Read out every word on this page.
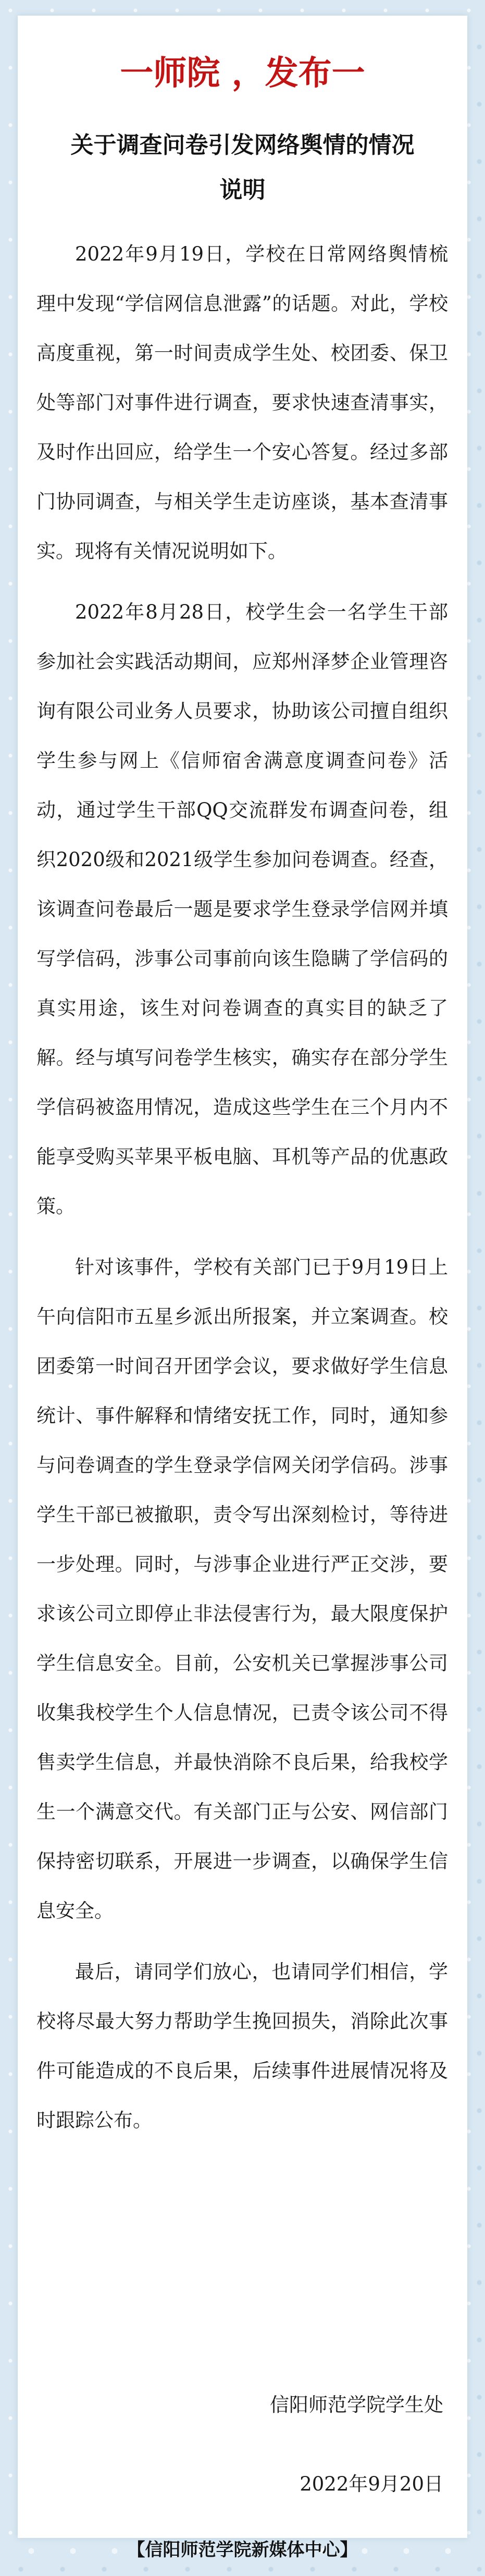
一师院 ，发布一
关于调查问卷引发网络舆情的情况
说明

2022年9月19日，学校在日常网络舆情梳理中发现“学信网信息泄露”的话题。对此，学校高度重视，第一时间责成学生处、校团委、保卫处等部门对事件进行调查，要求快速查清事实，及时作出回应，给学生一个安心答复。经过多部门协同调查，与相关学生走访座谈，基本查清事实。现将有关情况说明如下。

2022年8月28日，校学生会一名学生干部参加社会实践活动期间，应郑州泽梦企业管理咨询有限公司业务人员要求，协助该公司擅自组织学生参与网上《信师宿舍满意度调查问卷》活动，通过学生干部QQ交流群发布调查问卷，组织2020级和2021级学生参加问卷调查。经查，该调查问卷最后一题是要求学生登录学信网并填写学信码，涉事公司事前向该生隐瞒了学信码的真实用途，该生对问卷调查的真实目的缺乏了解。经与填写问卷学生核实，确实存在部分学生学信码被盗用情况，造成这些学生在三个月内不能享受购买苹果平板电脑、耳机等产品的优惠政策。

针对该事件，学校有关部门已于9月19日上午向信阳市五星乡派出所报案，并立案调查。校团委第一时间召开团学会议，要求做好学生信息统计、事件解释和情绪安抚工作，同时，通知参与问卷调查的学生登录学信网关闭学信码。涉事学生干部已被撤职，责令写出深刻检讨，等待进一步处理。同时，与涉事企业进行严正交涉，要求该公司立即停止非法侵害行为，最大限度保护学生信息安全。目前，公安机关已掌握涉事公司收集我校学生个人信息情况，已责令该公司不得售卖学生信息，并最快消除不良后果，给我校学生一个满意交代。有关部门正与公安、网信部门保持密切联系，开展进一步调查，以确保学生信息安全。

最后，请同学们放心，也请同学们相信，学校将尽最大努力帮助学生挽回损失，消除此次事件可能造成的不良后果，后续事件进展情况将及时跟踪公布。

信阳师范学院学生处
2022年9月20日
【信阳师范学院新媒体中心】
